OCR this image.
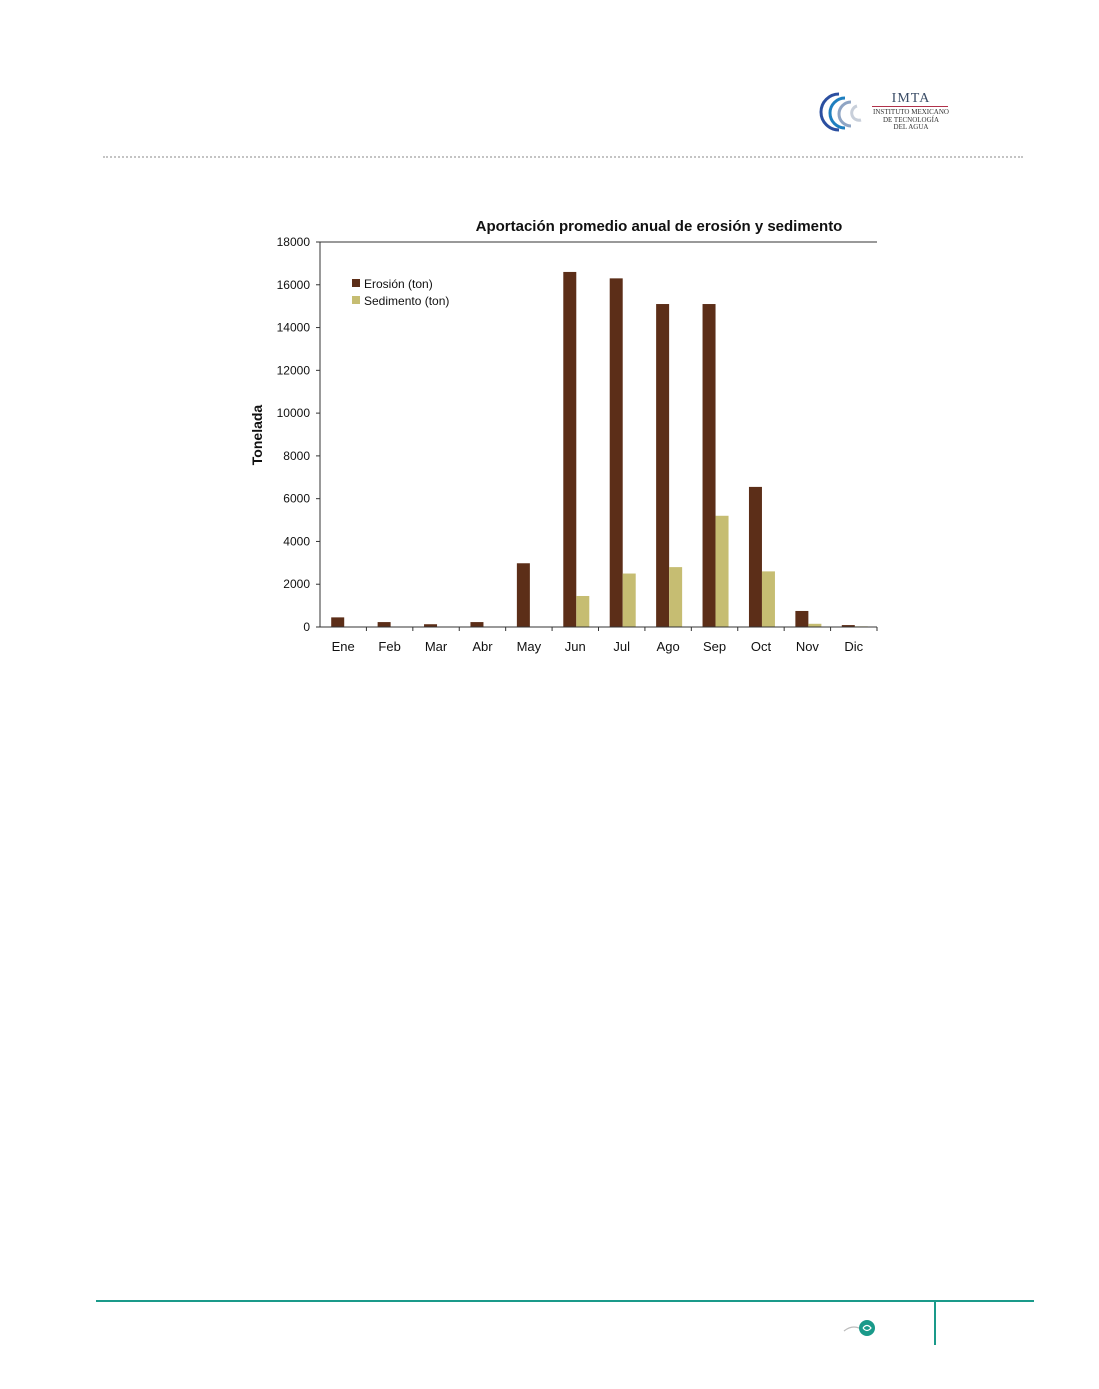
IMTA
INSTITUTO MEXICANO
DE TECNOLOGÍA
DEL AGUA
Aportación promedio anual de erosión y sedimento
Tonelada
0
2000
4000
6000
8000
10000
12000
14000
16000
18000
Ene Feb Mar Abr May Jun Jul Ago Sep Oct Nov Dic
Erosión (ton)
Sedimento (ton)
